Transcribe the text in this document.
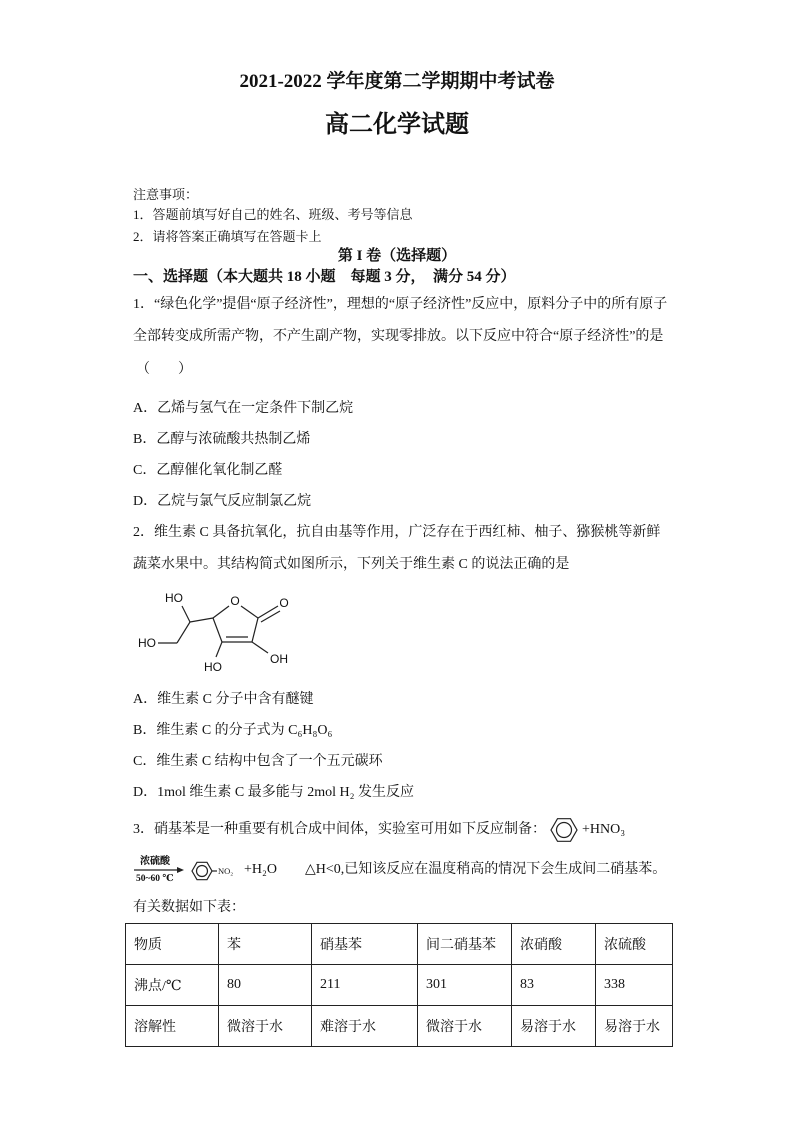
2021-2022 学年度第二学期期中考试卷
高二化学试题
注意事项：
1．答题前填写好自己的姓名、班级、考号等信息
2．请将答案正确填写在答题卡上
第 I 卷（选择题）
一、选择题（本大题共 18 小题　每题 3 分，　满分 54 分）
1．“绿色化学”提倡“原子经济性”，理想的“原子经济性”反应中，原料分子中的所有原子
全部转变成所需产物，不产生副产物，实现零排放。以下反应中符合“原子经济性”的是
（　　）
A．乙烯与氢气在一定条件下制乙烷
B．乙醇与浓硫酸共热制乙烯
C．乙醇催化氧化制乙醛
D．乙烷与氯气反应制氯乙烷
2．维生素 C 具备抗氧化，抗自由基等作用，广泛存在于西红柿、柚子、猕猴桃等新鲜
蔬菜水果中。其结构简式如图所示，下列关于维生素 C 的说法正确的是
HO	O	O
HO
HO
OH
A．维生素 C 分子中含有醚键
B．维生素 C 的分子式为 C₆H₈O₆
C．维生素 C 结构中包含了一个五元碳环
D．1mol 维生素 C 最多能与 2mol H₂ 发生反应
3．硝基苯是一种重要有机合成中间体，实验室可用如下反应制备：	+HNO₃
浓硫酸
50~60 ℃
NO₂ +H₂O △H<0,已知该反应在温度稍高的情况下会生成间二硝基苯。
有关数据如下表：
物质	苯	硝基苯	间二硝基苯	浓硝酸	浓硫酸
沸点/℃	80	211	301	83	338
溶解性	微溶于水	难溶于水	微溶于水	易溶于水	易溶于水
